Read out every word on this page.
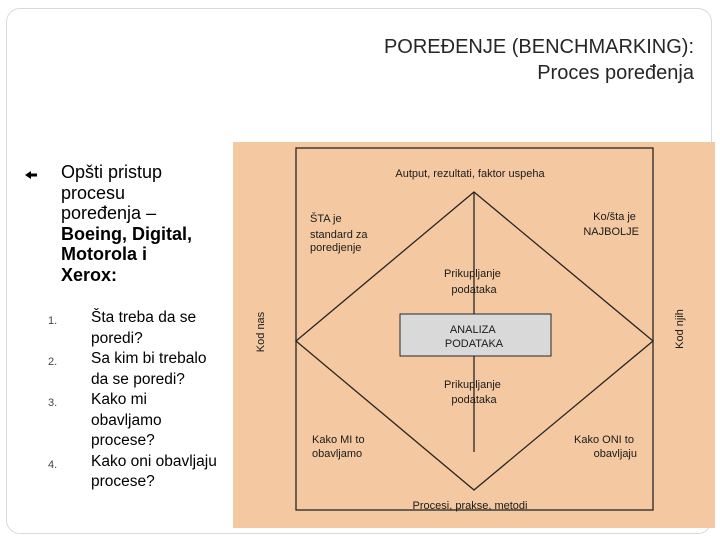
POREĐENJE (BENCHMARKING):
Proces poređenja
Opšti pristup
procesu
poređenja –
Boeing, Digital,
Motorola i
Xerox:
1. Šta treba da se
poredi?
2. Sa kim bi trebalo
da se poredi?
3. Kako mi
obavljamo
procese?
4. Kako oni obavljaju
procese?
Autput, rezultati, faktor uspeha
ŠTA je standard za poredjenje
Ko/šta je NAJBOLJE
Prikupljanje podataka
ANALIZA PODATAKA
Prikupljanje podataka
Kako MI to obavljamo
Kako ONI to obavljaju
Procesi, prakse, metodi
Kod nas	Kod njih
